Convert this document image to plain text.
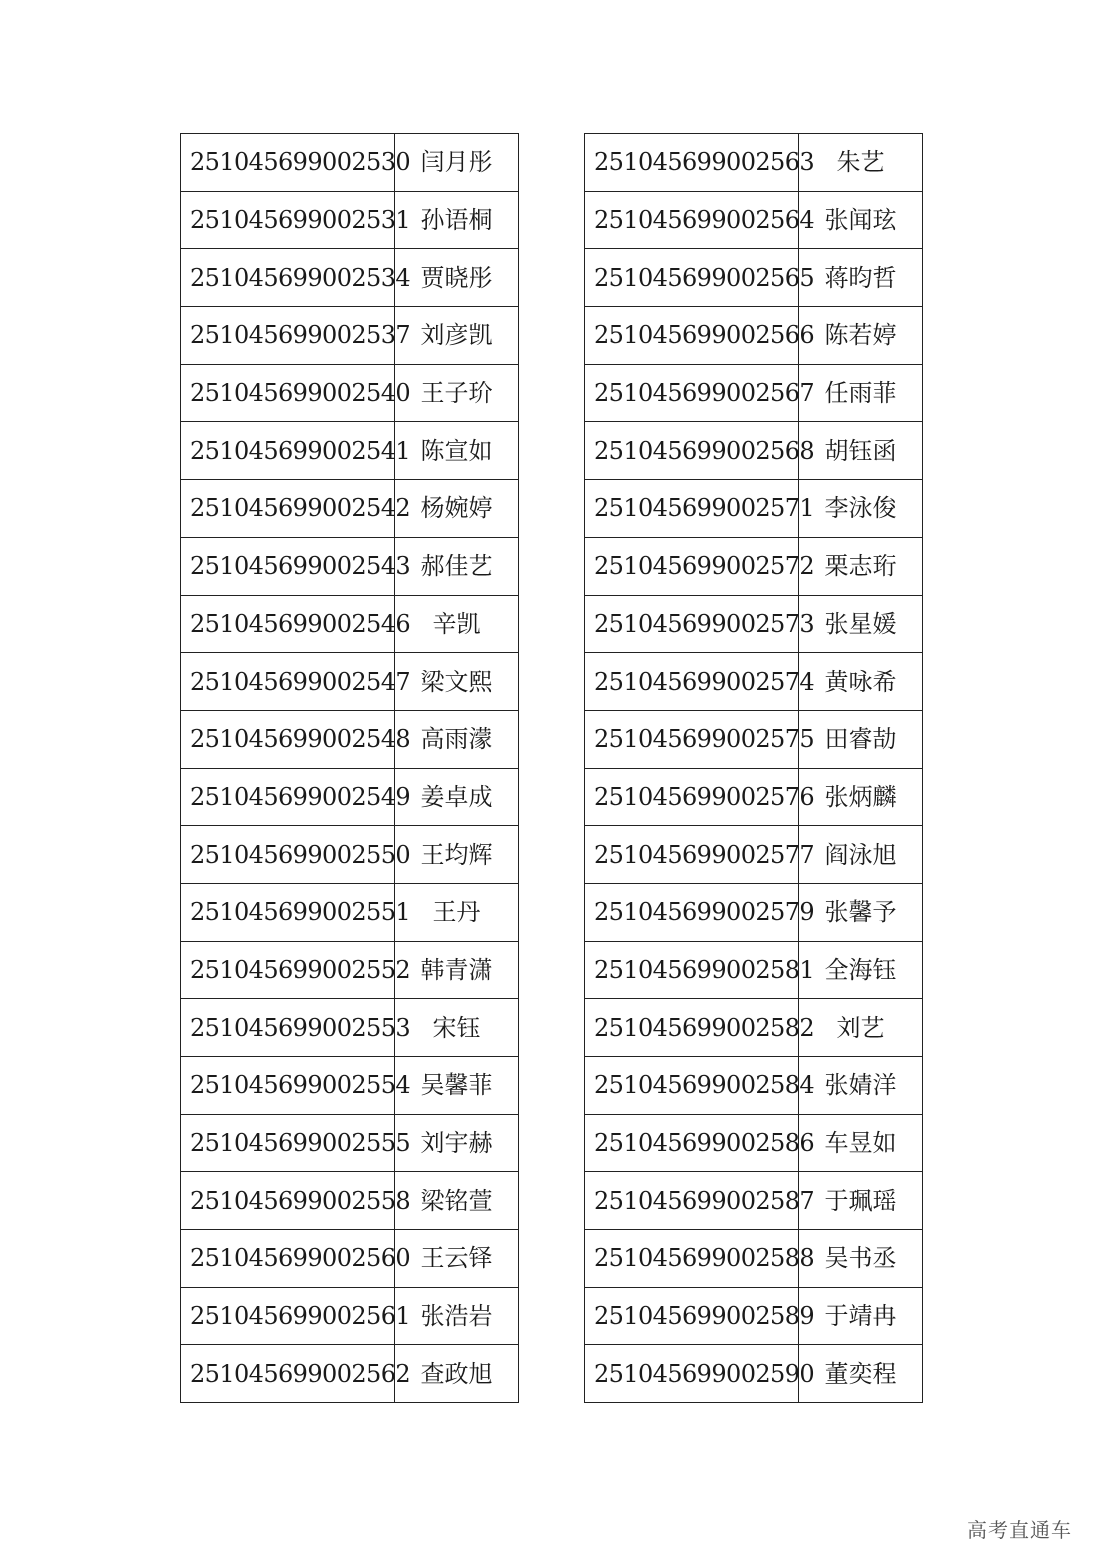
251045699002530	闫月彤
251045699002531	孙语桐
251045699002534	贾晓彤
251045699002537	刘彦凯
251045699002540	王子玠
251045699002541	陈宣如
251045699002542	杨婉婷
251045699002543	郝佳艺
251045699002546	辛凯
251045699002547	梁文熙
251045699002548	高雨濛
251045699002549	姜卓成
251045699002550	王均辉
251045699002551	王丹
251045699002552	韩青潇
251045699002553	宋钰
251045699002554	吴馨菲
251045699002555	刘宇赫
251045699002558	梁铭萱
251045699002560	王云铎
251045699002561	张浩岩
251045699002562	查政旭
251045699002563	朱艺
251045699002564	张闻玹
251045699002565	蒋昀哲
251045699002566	陈若婷
251045699002567	任雨菲
251045699002568	胡钰函
251045699002571	李泳俊
251045699002572	栗志珩
251045699002573	张星媛
251045699002574	黄咏希
251045699002575	田睿劼
251045699002576	张炳麟
251045699002577	阎泳旭
251045699002579	张馨予
251045699002581	全海钰
251045699002582	刘艺
251045699002584	张婧洋
251045699002586	车昱如
251045699002587	于珮瑶
251045699002588	吴书丞
251045699002589	于靖冉
251045699002590	董奕程
高考直通车
